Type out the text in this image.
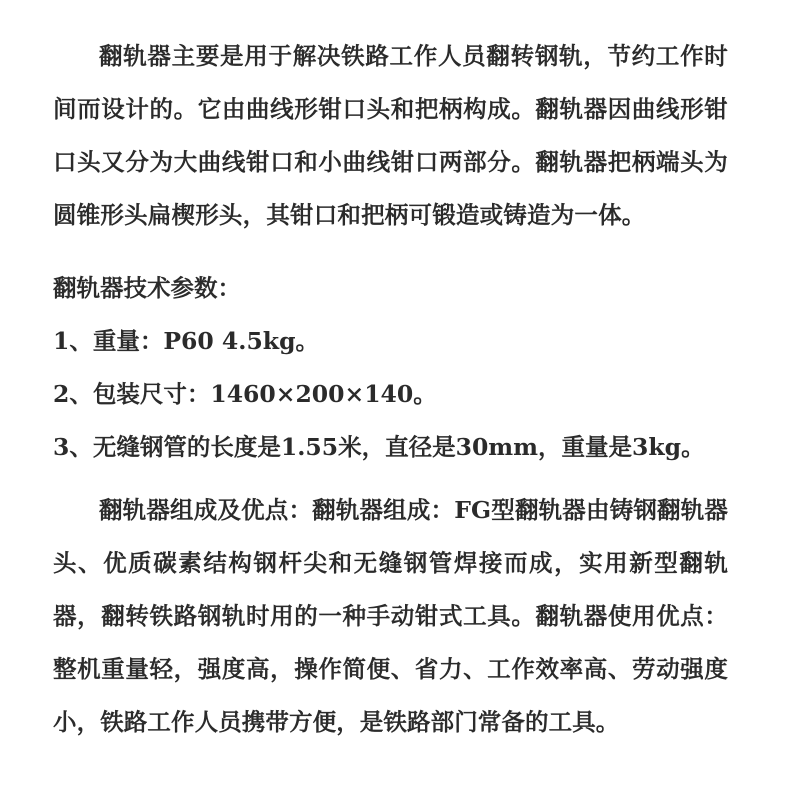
翻轨器主要是用于解决铁路工作人员翻转钢轨，节约工作时间而设计的。它由曲线形钳口头和把柄构成。翻轨器因曲线形钳口头又分为大曲线钳口和小曲线钳口两部分。翻轨器把柄端头为圆锥形头扁楔形头，其钳口和把柄可锻造或铸造为一体。

翻轨器技术参数：

1、重量：P60 4.5kg。
2、包装尺寸：1460×200×140。
3、无缝钢管的长度是1.55米，直径是30mm，重量是3kg。

翻轨器组成及优点：翻轨器组成：FG型翻轨器由铸钢翻轨器头、优质碳素结构钢杆尖和无缝钢管焊接而成，实用新型翻轨器，翻转铁路钢轨时用的一种手动钳式工具。翻轨器使用优点：整机重量轻，强度高，操作简便、省力、工作效率高、劳动强度小，铁路工作人员携带方便，是铁路部门常备的工具。
